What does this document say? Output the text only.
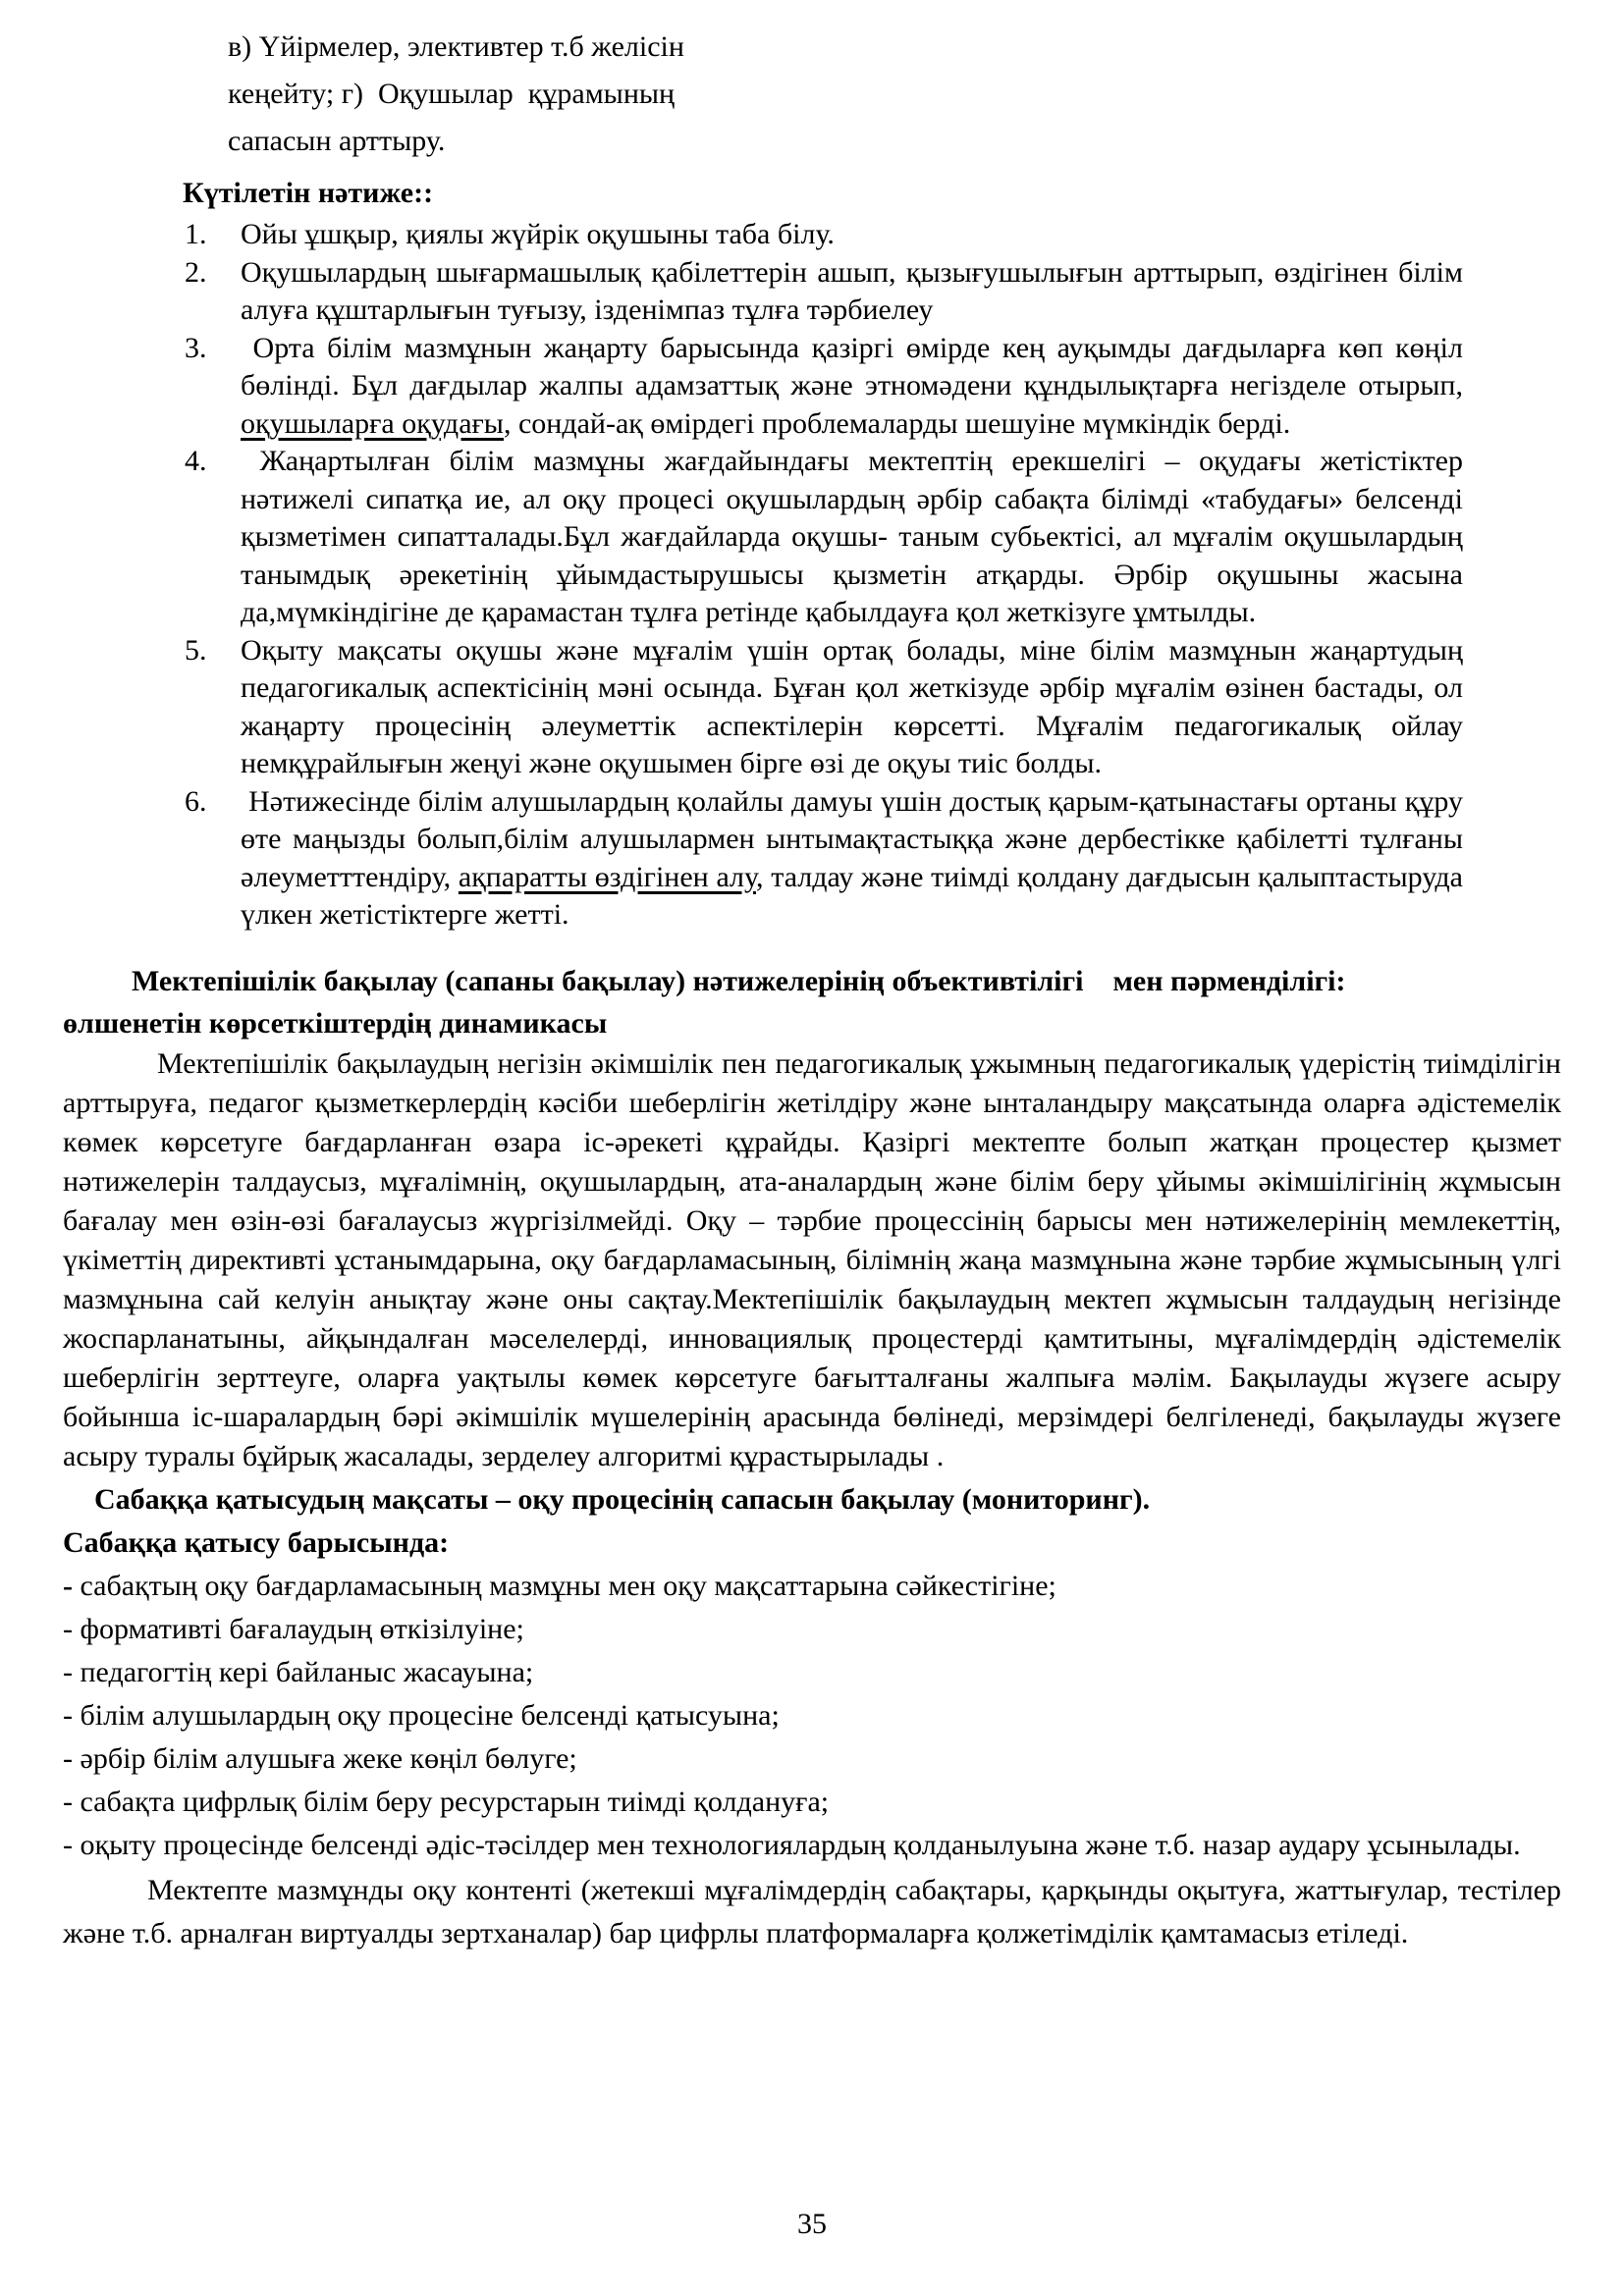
в) Үйірмелер, элективтер т.б желісін
кеңейту; г)  Оқушылар  құрамының
сапасын арттыру.
Күтілетін нәтиже::
1. Ойы ұшқыр, қиялы жүйрік оқушыны таба білу.
2. Оқушылардың шығармашылық қабілеттерін ашып, қызығушылығын арттырып, өздігінен білім алуға құштарлығын туғызу, ізденімпаз тұлға тәрбиелеу
3. Орта білім мазмұнын жаңарту барысында қазіргі өмірде кең ауқымды дағдыларға көп көңіл бөлінді. Бұл дағдылар жалпы адамзаттық және этномәдени құндылықтарға негізделе отырып, оқушыларға оқудағы, сондай-ақ өмірдегі проблемаларды шешуіне мүмкіндік берді.
4. Жаңартылған білім мазмұны жағдайындағы мектептің ерекшелігі – оқудағы жетістіктер нәтижелі сипатқа ие, ал оқу процесі оқушылардың әрбір сабақта білімді «табудағы» белсенді қызметімен сипатталады.Бұл жағдайларда оқушы- таным субьектісі, ал мұғалім оқушылардың танымдық әрекетінің ұйымдастырушысы қызметін атқарды. Әрбір оқушыны жасына да,мүмкіндігіне де қарамастан тұлға ретінде қабылдауға қол жеткізуге ұмтылды.
5. Оқыту мақсаты оқушы және мұғалім үшін ортақ болады, міне білім мазмұнын жаңартудың педагогикалық аспектісінің мәні осында. Бұған қол жеткізуде әрбір мұғалім өзінен бастады, ол жаңарту процесінің әлеуметтік аспектілерін көрсетті. Мұғалім педагогикалық ойлау немқұрайлығын жеңуі және оқушымен бірге өзі де оқуы тиіс болды.
6. Нәтижесінде білім алушылардың қолайлы дамуы үшін достық қарым-қатынастағы ортаны құру өте маңызды болып,білім алушылармен ынтымақтастыққа және дербестікке қабілетті тұлғаны әлеуметттендіру, ақпаратты өздігінен алу, талдау және тиімді қолдану дағдысын қалыптастыруда үлкен жетістіктерге жетті.
Мектепішілік бақылау (сапаны бақылау) нәтижелерінің объективтілігі    мен пәрменділігі:
өлшенетін көрсеткіштердің динамикасы
Мектепішілік бақылаудың негізін әкімшілік пен педагогикалық ұжымның педагогикалық үдерістің тиімділігін арттыруға, педагог қызметкерлердің кәсіби шеберлігін жетілдіру және ынталандыру мақсатында оларға әдістемелік көмек көрсетуге бағдарланған өзара іс-әрекеті құрайды. Қазіргі мектепте болып жатқан процестер қызмет нәтижелерін талдаусыз, мұғалімнің, оқушылардың, ата-аналардың және білім беру ұйымы әкімшілігінің жұмысын бағалау мен өзін-өзі бағалаусыз жүргізілмейді. Оқу – тәрбие процессінің барысы мен нәтижелерінің мемлекеттің, үкіметтің директивті ұстанымдарына, оқу бағдарламасының, білімнің жаңа мазмұнына және тәрбие жұмысының үлгі мазмұнына сай келуін анықтау және оны сақтау.Мектепішілік бақылаудың мектеп жұмысын талдаудың негізінде жоспарланатыны, айқындалған мәселелерді, инновациялық процестерді қамтитыны, мұғалімдердің әдістемелік шеберлігін зерттеуге, оларға уақтылы көмек көрсетуге бағытталғаны жалпыға мәлім. Бақылауды жүзеге асыру бойынша іс-шаралардың бәрі әкімшілік мүшелерінің арасында бөлінеді, мерзімдері белгіленеді, бақылауды жүзеге асыру туралы бұйрық жасалады, зерделеу алгоритмі құрастырылады .
Сабаққа қатысудың мақсаты – оқу процесінің сапасын бақылау (мониторинг).
Сабаққа қатысу барысында:
- сабақтың оқу бағдарламасының мазмұны мен оқу мақсаттарына сәйкестігіне;
- формативті бағалаудың өткізілуіне;
- педагогтің кері байланыс жасауына;
- білім алушылардың оқу процесіне белсенді қатысуына;
- әрбір білім алушыға жеке көңіл бөлуге;
- сабақта цифрлық білім беру ресурстарын тиімді қолдануға;
- оқыту процесінде белсенді әдіс-тәсілдер мен технологиялардың қолданылуына және т.б. назар аудару ұсынылады.
Мектепте мазмұнды оқу контенті (жетекші мұғалімдердің сабақтары, қарқынды оқытуға, жаттығулар, тестілер және т.б. арналған виртуалды зертханалар) бар цифрлы платформаларға қолжетімділік қамтамасыз етіледі.
35
